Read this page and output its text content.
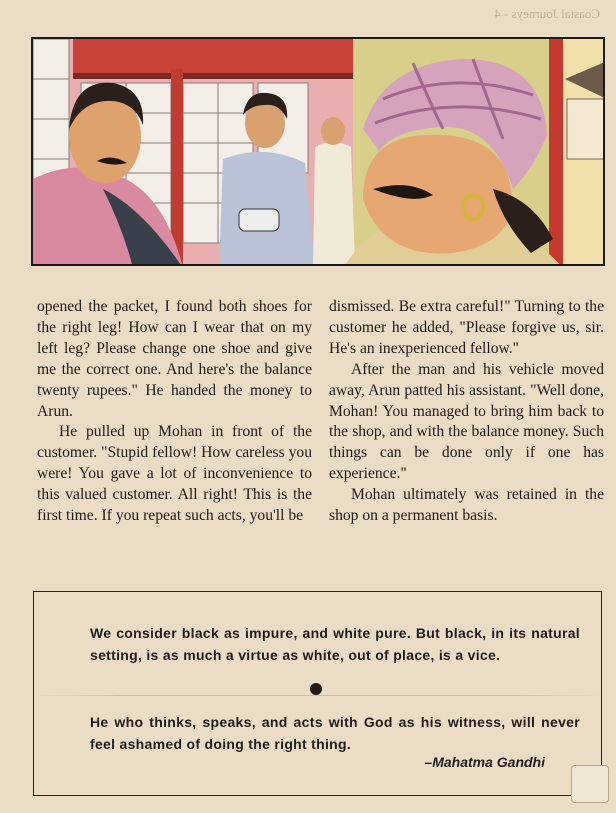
Coastal Journeys - 4

opened the packet, I found both shoes for the right leg! How can I wear that on my left leg? Please change one shoe and give me the correct one. And here's the balance twenty rupees." He handed the money to Arun.

He pulled up Mohan in front of the customer. "Stupid fellow! How careless you were! You gave a lot of inconvenience to this valued customer. All right! This is the first time. If you repeat such acts, you'll be

dismissed. Be extra careful!" Turning to the customer he added, "Please forgive us, sir. He's an inexperienced fellow."

After the man and his vehicle moved away, Arun patted his assistant. "Well done, Mohan! You managed to bring him back to the shop, and with the balance money. Such things can be done only if one has experience."

Mohan ultimately was retained in the shop on a permanent basis.

We consider black as impure, and white pure. But black, in its natural setting, is as much a virtue as white, out of place, is a vice.
He who thinks, speaks, and acts with God as his witness, will never feel ashamed of doing the right thing.
–Mahatma Gandhi
